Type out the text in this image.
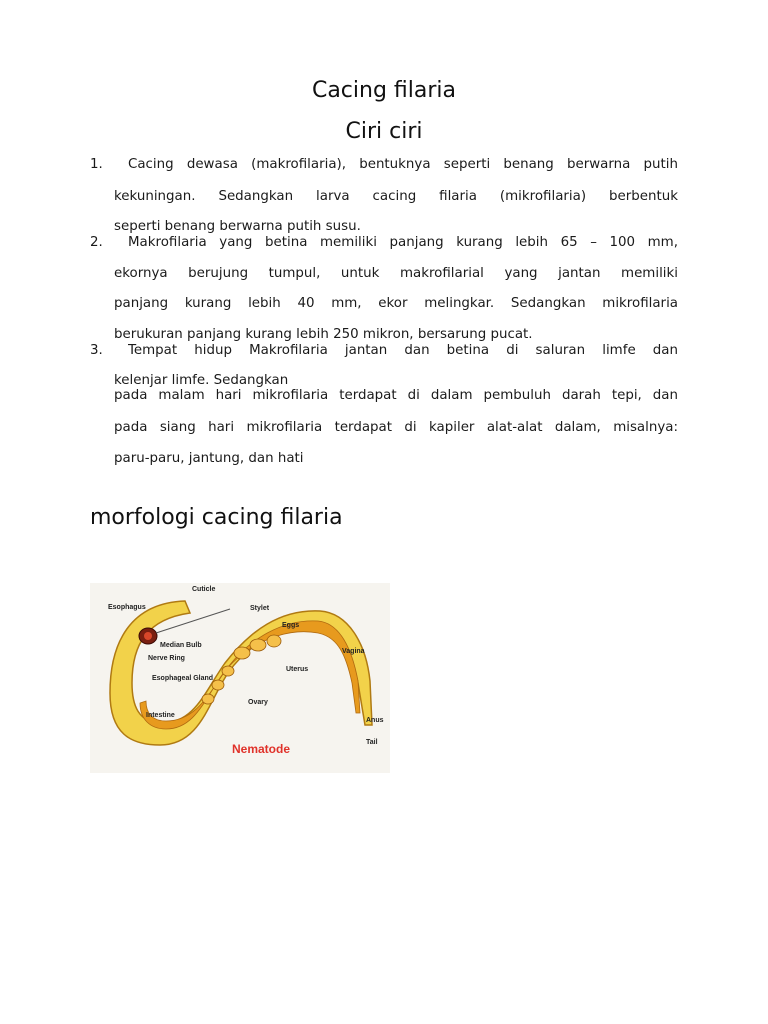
Cacing filaria
Ciri ciri
1. Cacing dewasa (makrofilaria), bentuknya seperti benang berwarna putih
kekuningan. Sedangkan larva cacing filaria (mikrofilaria) berbentuk
seperti benang berwarna putih susu.
2. Makrofilaria yang betina memiliki panjang kurang lebih 65 – 100 mm,
ekornya berujung tumpul, untuk makrofilarial yang jantan memiliki
panjang kurang lebih 40 mm, ekor melingkar. Sedangkan mikrofilaria
berukuran panjang kurang lebih 250 mikron, bersarung pucat.
3. Tempat hidup Makrofilaria jantan dan betina di saluran limfe dan
kelenjar limfe. Sedangkan
pada malam hari mikrofilaria terdapat di dalam pembuluh darah tepi, dan
pada siang hari mikrofilaria terdapat di kapiler alat-alat dalam, misalnya:
paru-paru, jantung, dan hati
morfologi cacing filaria
Cuticle
Esophagus	Stylet
Eggs
Median Bulb
Nerve Ring
Vagina
Uterus
Esophageal Gland
Ovary
Intestine
Anus
Tail
Nematode
